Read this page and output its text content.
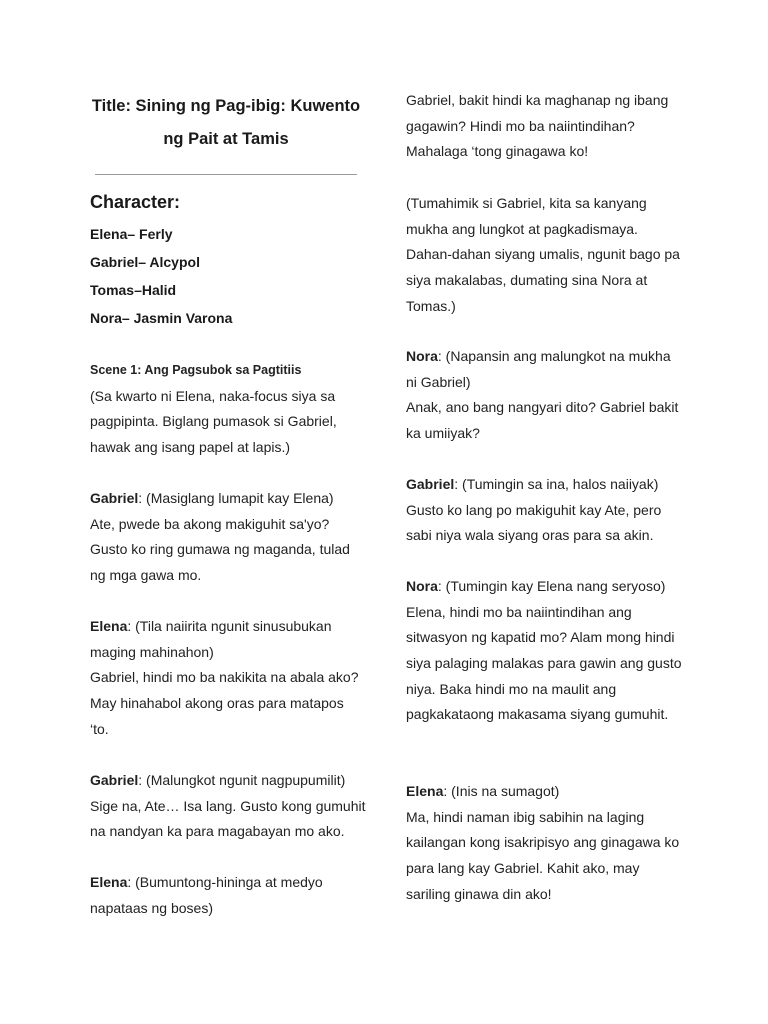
Title: Sining ng Pag-ibig: Kuwento
ng Pait at Tamis
Character:
Elena– Ferly
Gabriel– Alcypol
Tomas–Halid
Nora– Jasmin Varona
Scene 1: Ang Pagsubok sa Pagtitiis
(Sa kwarto ni Elena, naka-focus siya sa
pagpipinta. Biglang pumasok si Gabriel,
hawak ang isang papel at lapis.)
Gabriel: (Masiglang lumapit kay Elena)
Ate, pwede ba akong makiguhit sa'yo?
Gusto ko ring gumawa ng maganda, tulad
ng mga gawa mo.
Elena: (Tila naiirita ngunit sinusubukan
maging mahinahon)
Gabriel, hindi mo ba nakikita na abala ako?
May hinahabol akong oras para matapos
‘to.
Gabriel: (Malungkot ngunit nagpupumilit)
Sige na, Ate… Isa lang. Gusto kong gumuhit
na nandyan ka para magabayan mo ako.
Elena: (Bumuntong-hininga at medyo
napataas ng boses)
Gabriel, bakit hindi ka maghanap ng ibang
gagawin? Hindi mo ba naiintindihan?
Mahalaga ‘tong ginagawa ko!
(Tumahimik si Gabriel, kita sa kanyang
mukha ang lungkot at pagkadismaya.
Dahan-dahan siyang umalis, ngunit bago pa
siya makalabas, dumating sina Nora at
Tomas.)
Nora: (Napansin ang malungkot na mukha
ni Gabriel)
Anak, ano bang nangyari dito? Gabriel bakit
ka umiiyak?
Gabriel: (Tumingin sa ina, halos naiiyak)
Gusto ko lang po makiguhit kay Ate, pero
sabi niya wala siyang oras para sa akin.
Nora: (Tumingin kay Elena nang seryoso)
Elena, hindi mo ba naiintindihan ang
sitwasyon ng kapatid mo? Alam mong hindi
siya palaging malakas para gawin ang gusto
niya. Baka hindi mo na maulit ang
pagkakataong makasama siyang gumuhit.
Elena: (Inis na sumagot)
Ma, hindi naman ibig sabihin na laging
kailangan kong isakripisyo ang ginagawa ko
para lang kay Gabriel. Kahit ako, may
sariling ginawa din ako!
